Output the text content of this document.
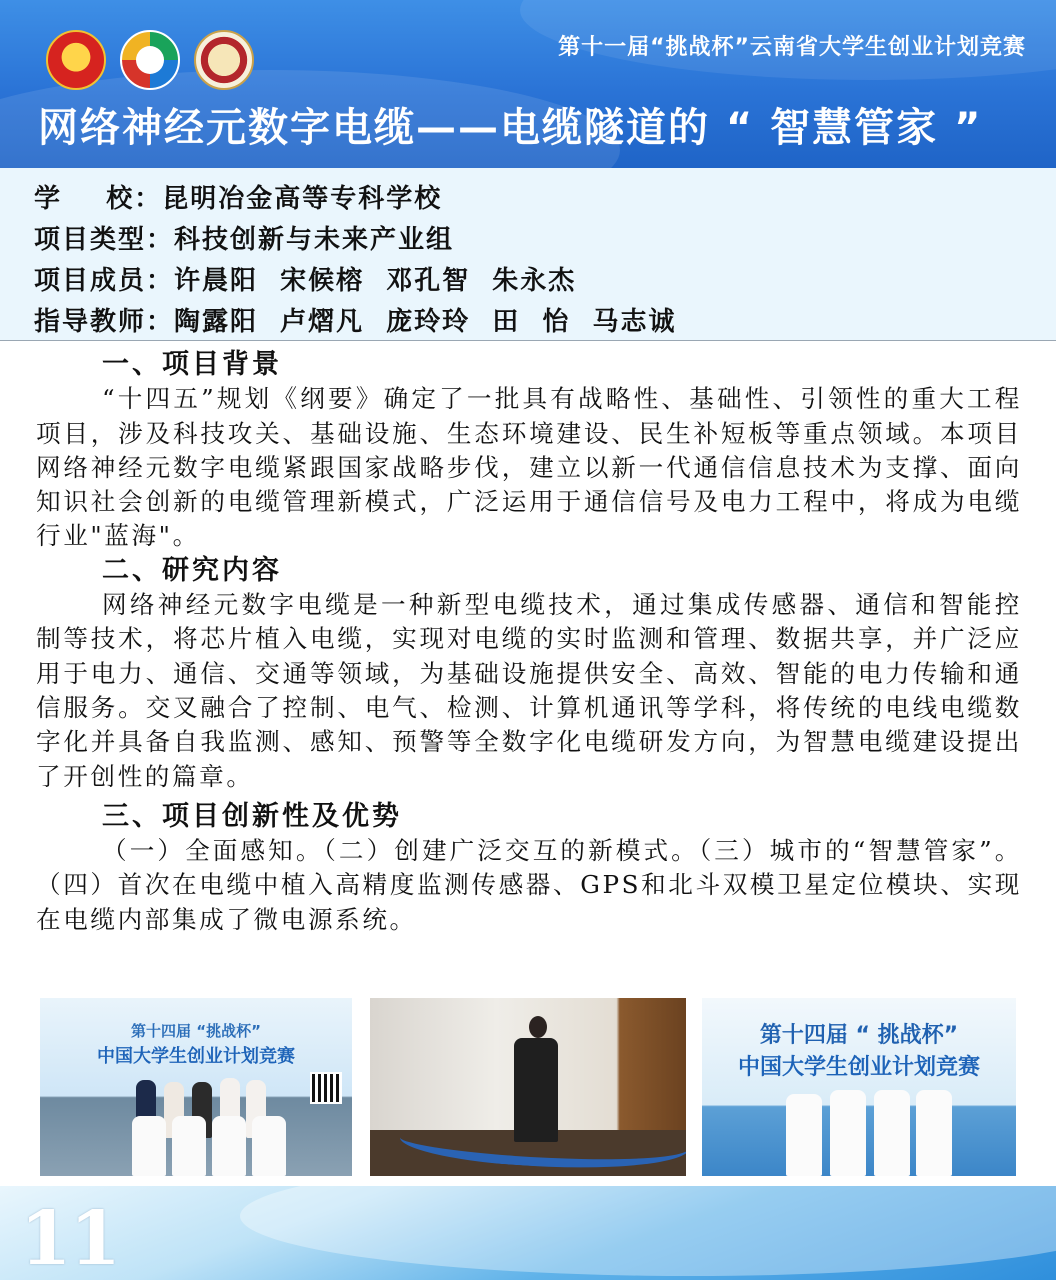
第十一届“挑战杯”云南省大学生创业计划竞赛
网络神经元数字电缆——电缆隧道的 “ 智慧管家 ”
学    校：昆明冶金高等专科学校
项目类型：科技创新与未来产业组
项目成员：许晨阳  宋候榕  邓孔智  朱永杰
指导教师：陶露阳  卢熠凡  庞玲玲  田  怡  马志诚

一、项目背景

“十四五”规划《纲要》确定了一批具有战略性、基础性、引领性的重大工程项目，涉及科技攻关、基础设施、生态环境建设、民生补短板等重点领域。本项目网络神经元数字电缆紧跟国家战略步伐，建立以新一代通信信息技术为支撑、面向知识社会创新的电缆管理新模式，广泛运用于通信信号及电力工程中，将成为电缆行业"蓝海"。

二、研究内容

网络神经元数字电缆是一种新型电缆技术，通过集成传感器、通信和智能控制等技术，将芯片植入电缆，实现对电缆的实时监测和管理、数据共享，并广泛应用于电力、通信、交通等领域，为基础设施提供安全、高效、智能的电力传输和通信服务。交叉融合了控制、电气、检测、计算机通讯等学科，将传统的电线电缆数字化并具备自我监测、感知、预警等全数字化电缆研发方向，为智慧电缆建设提出了开创性的篇章。

三、项目创新性及优势

（一）全面感知。（二）创建广泛交互的新模式。（三）城市的“智慧管家”。（四）首次在电缆中植入高精度监测传感器、GPS和北斗双模卫星定位模块、实现在电缆内部集成了微电源系统。

第十四届 “挑战杯”
中国大学生创业计划竞赛
第十四届 “ 挑战杯”
中国大学生创业计划竞赛
11
